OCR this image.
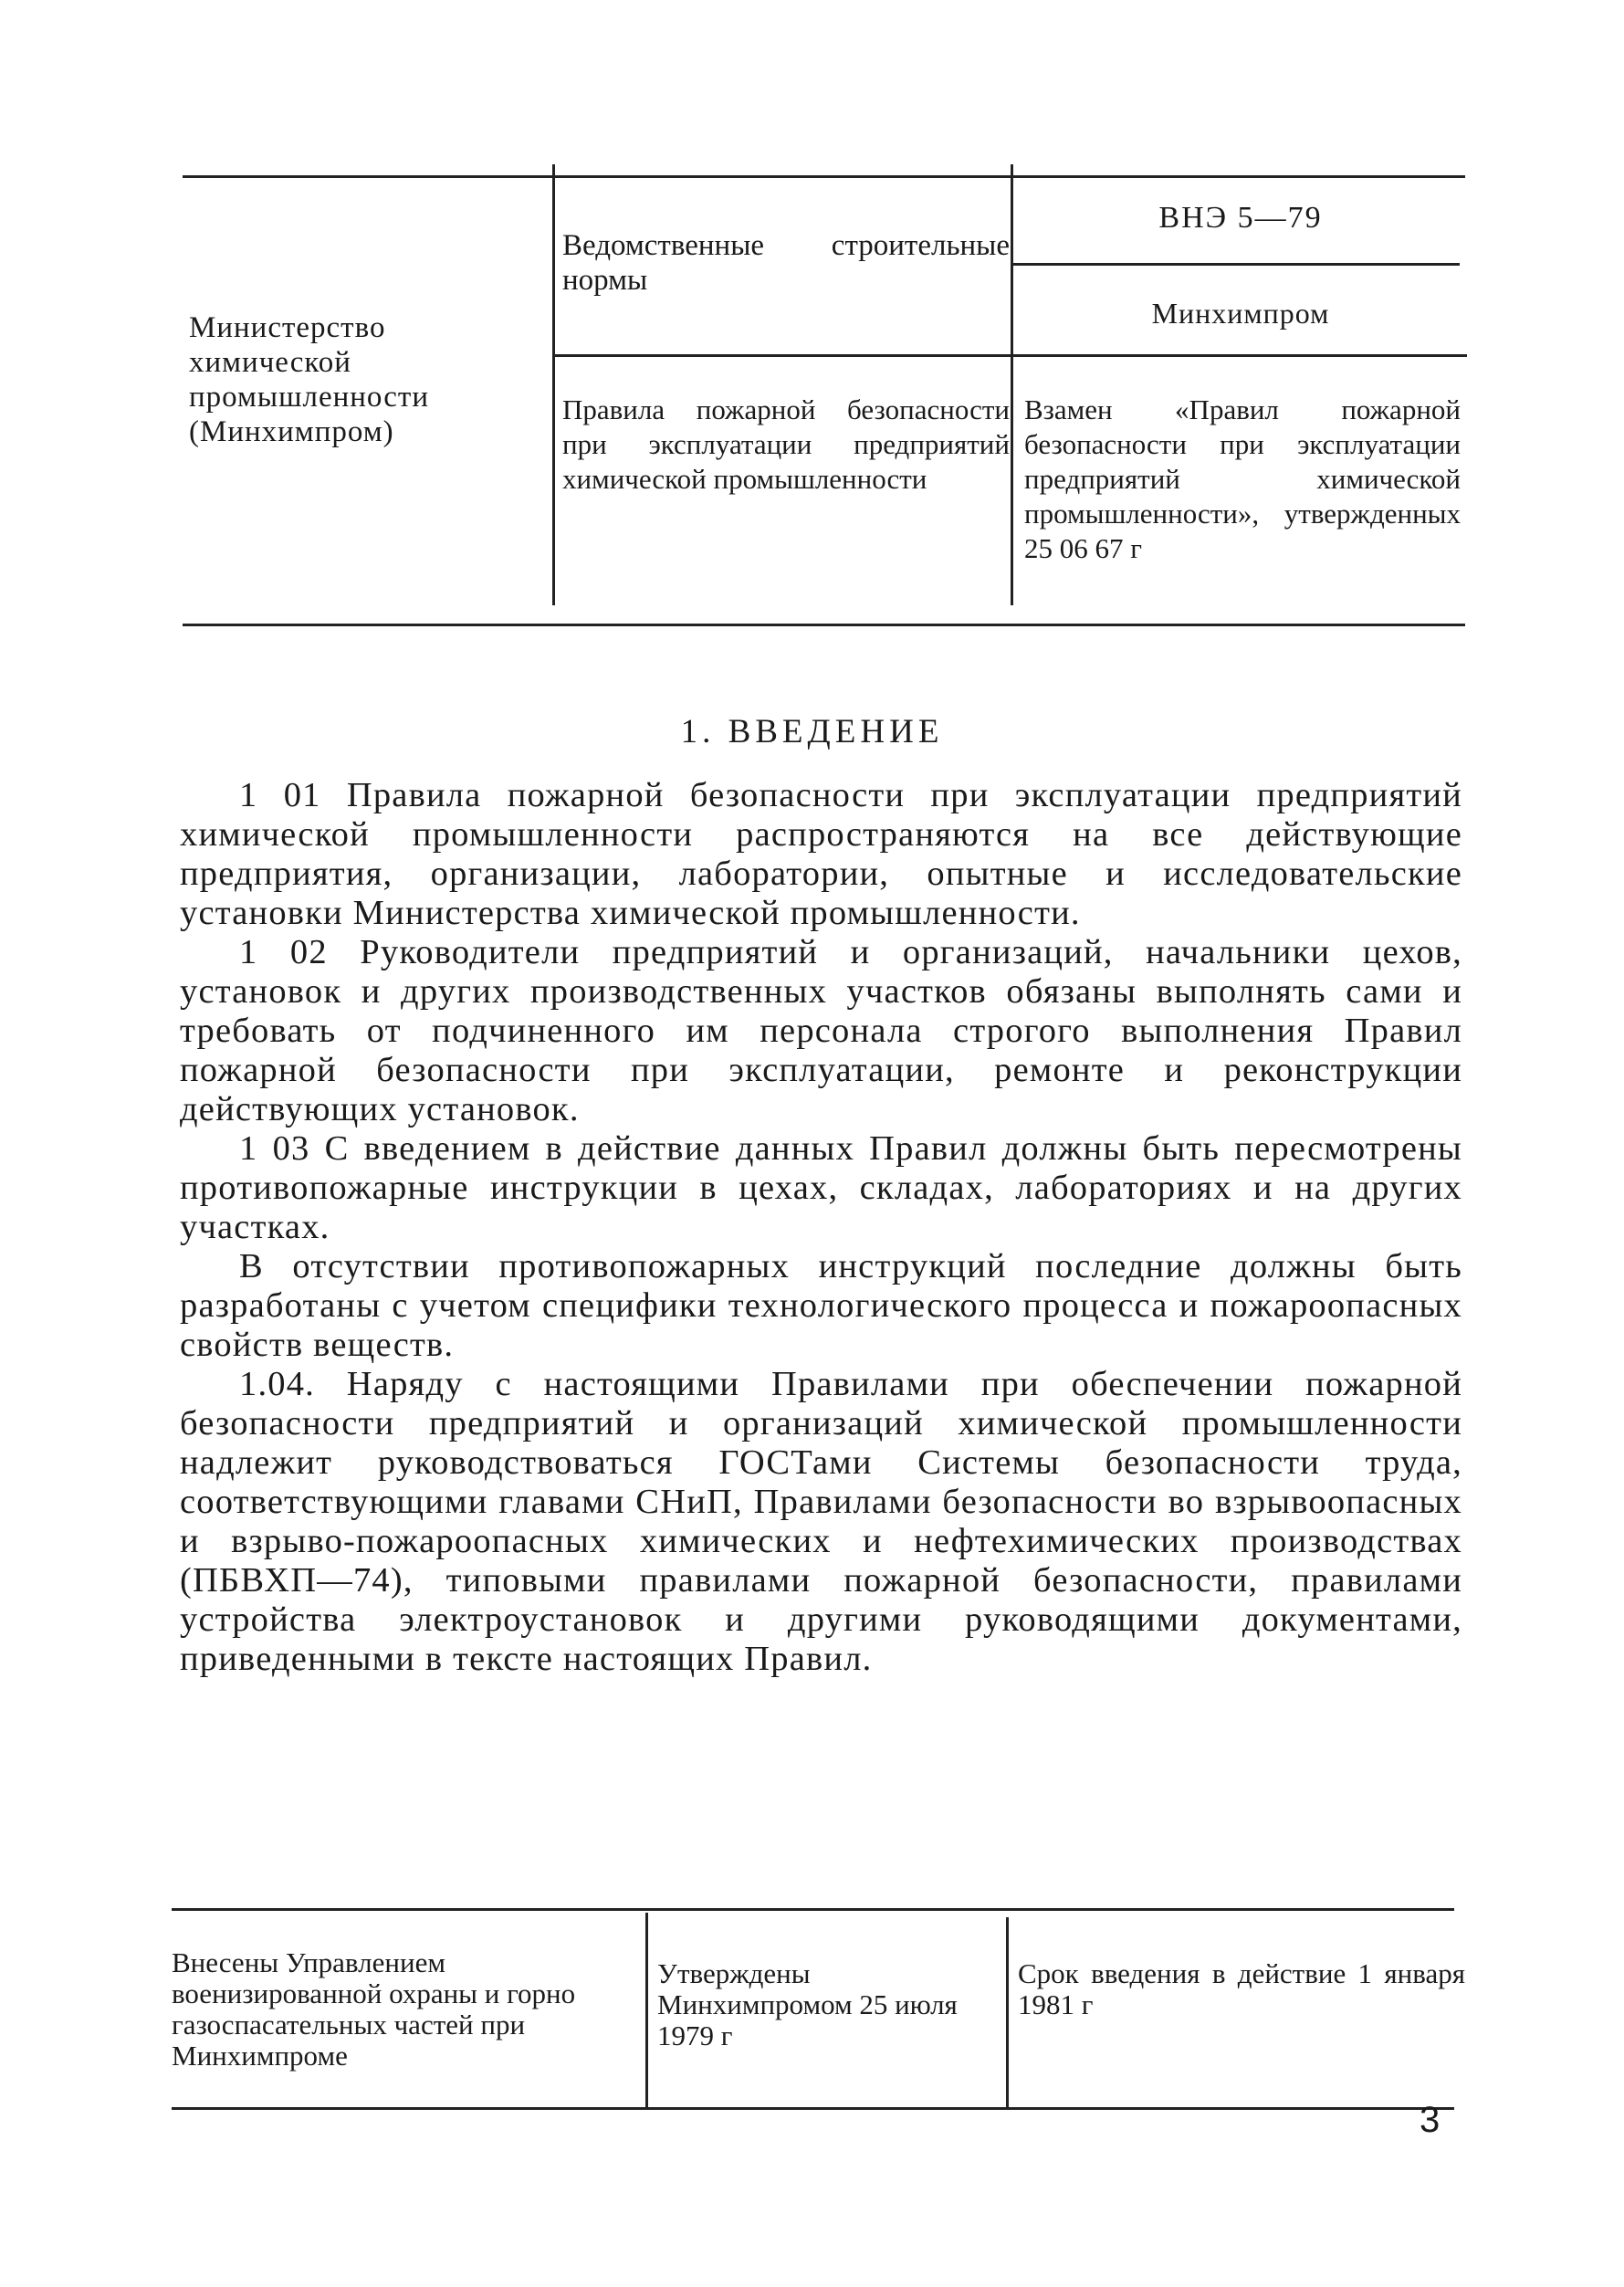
Министерство химической промышленности (Минхимпром)
Ведомственные строительные нормы
Правила пожарной безопасности при эксплуатации предприятий химической промышленности
ВНЭ 5—79
Минхимпром
Взамен «Правил пожарной безопасности при эксплуатации предприятий химической промышленности», утвержденных 25 06 67 г
1. ВВЕДЕНИЕ

1 01 Правила пожарной безопасности при эксплуатации предприятий химической промышленности распространяются на все действующие предприятия, организации, лаборатории, опытные и исследовательские установки Министерства химической промышленности.

1 02 Руководители предприятий и организаций, начальники цехов, установок и других производственных участков обязаны выполнять сами и требовать от подчиненного им персонала строгого выполнения Правил пожарной безопасности при эксплуатации, ремонте и реконструкции действующих установок.

1 03 С введением в действие данных Правил должны быть пересмотрены противопожарные инструкции в цехах, складах, лабораториях и на других участках.

В отсутствии противопожарных инструкций последние должны быть разработаны с учетом специфики технологического процесса и пожароопасных свойств веществ.

1.04. Наряду с настоящими Правилами при обеспечении пожарной безопасности предприятий и организаций химической промышленности надлежит руководствоваться ГОСТами Системы безопасности труда, соответствующими главами СНиП, Правилами безопасности во взрывоопасных и взрыво-пожароопасных химических и нефтехимических производствах (ПБВХП—74), типовыми правилами пожарной безопасности, правилами устройства электроустановок и другими руководящими документами, приведенными в тексте настоящих Правил.

Внесены Управлением военизированной охраны и горно газоспасательных частей при Минхимпроме
Утверждены Минхимпромом 25 июля 1979 г
Срок введения в действие 1 января 1981 г
3
